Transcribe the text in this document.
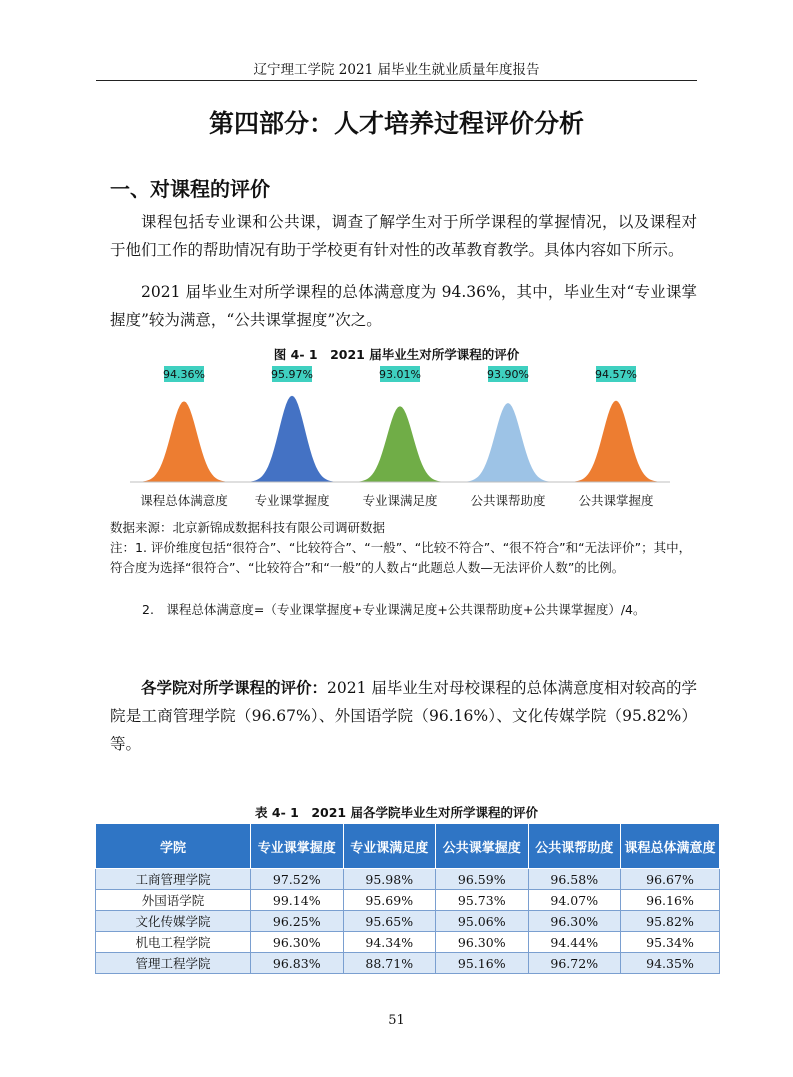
辽宁理工学院 2021 届毕业生就业质量年度报告
第四部分：人才培养过程评价分析
一、对课程的评价
课程包括专业课和公共课，调查了解学生对于所学课程的掌握情况，以及课程对于他们工作的帮助情况有助于学校更有针对性的改革教育教学。具体内容如下所示。
2021 届毕业生对所学课程的总体满意度为 94.36%，其中，毕业生对“专业课掌握度”较为满意，“公共课掌握度”次之。
图 4- 1　2021 届毕业生对所学课程的评价
94.36%
课程总体满意度
95.97%
专业课掌握度
93.01%
专业课满足度
93.90%
公共课帮助度
94.57%
公共课掌握度
数据来源：北京新锦成数据科技有限公司调研数据
注：1. 评价维度包括“很符合”、“比较符合”、“一般”、“比较不符合”、“很不符合”和“无法评价”；其中，符合度为选择“很符合”、“比较符合”和“一般”的人数占“此题总人数—无法评价人数”的比例。
2.　课程总体满意度=（专业课掌握度+专业课满足度+公共课帮助度+公共课掌握度）/4。
各学院对所学课程的评价：2021 届毕业生对母校课程的总体满意度相对较高的学院是工商管理学院（96.67%）、外国语学院（96.16%）、文化传媒学院（95.82%）等。
表 4- 1　2021 届各学院毕业生对所学课程的评价
学院	专业课掌握度	专业课满足度	公共课掌握度	公共课帮助度	课程总体满意度
工商管理学院	97.52%	95.98%	96.59%	96.58%	96.67%
外国语学院	99.14%	95.69%	95.73%	94.07%	96.16%
文化传媒学院	96.25%	95.65%	95.06%	96.30%	95.82%
机电工程学院	96.30%	94.34%	96.30%	94.44%	95.34%
管理工程学院	96.83%	88.71%	95.16%	96.72%	94.35%
51
